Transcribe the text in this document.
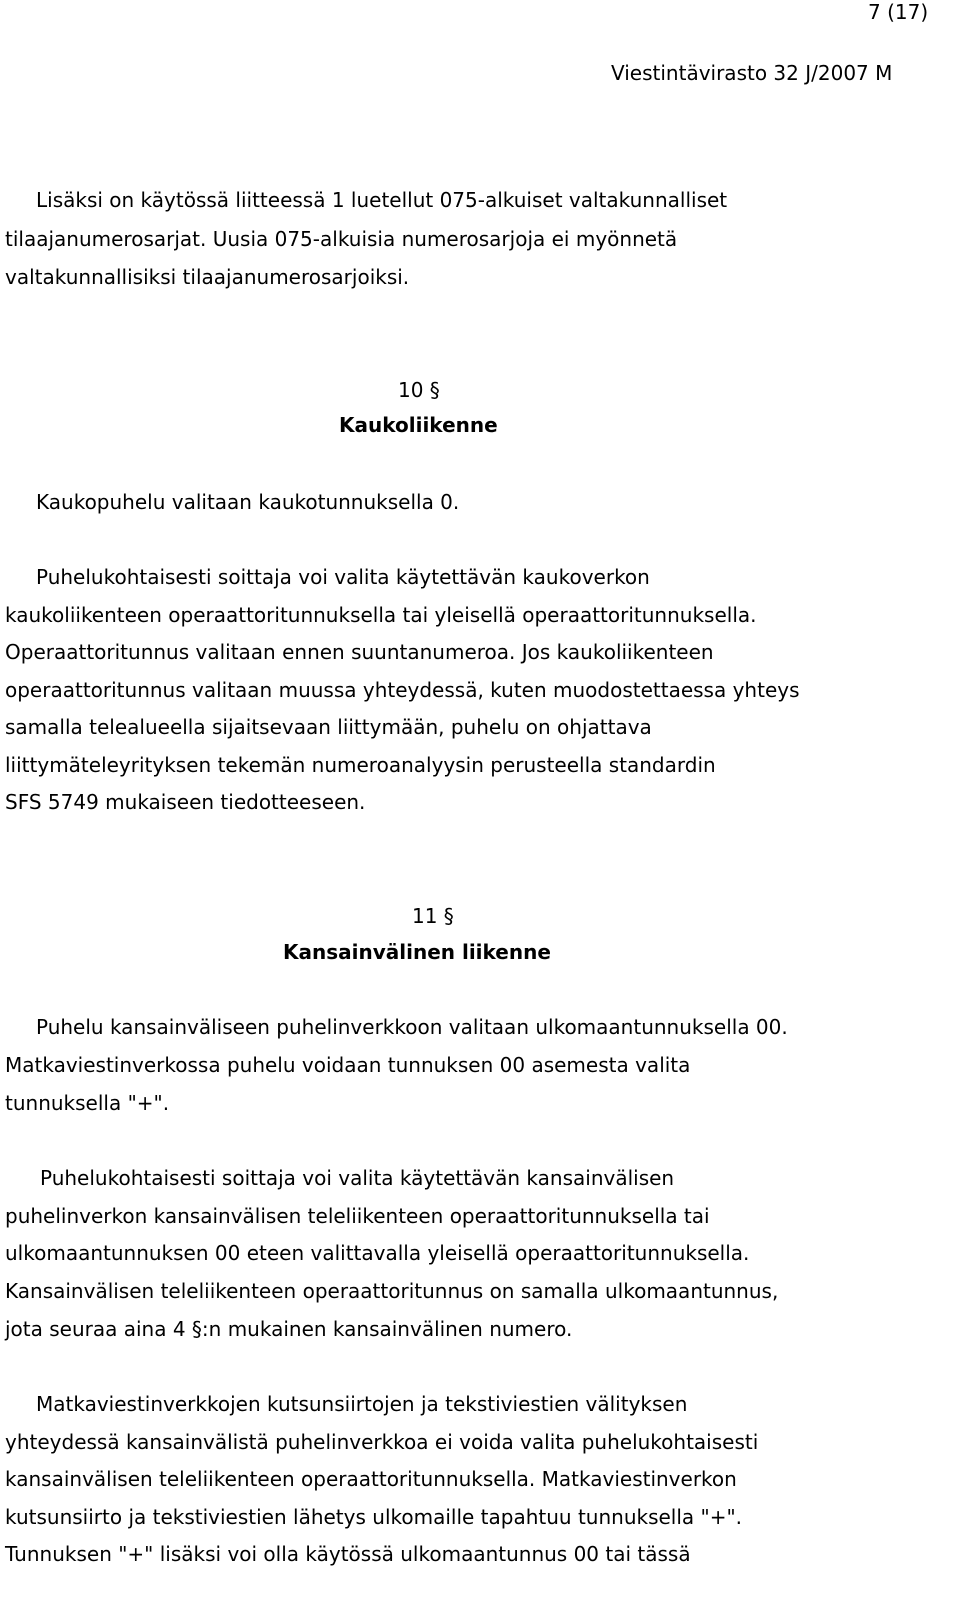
7 (17)
Viestintävirasto 32 J/2007 M
Lisäksi on käytössä liitteessä 1 luetellut 075-alkuiset valtakunnalliset
tilaajanumerosarjat. Uusia 075-alkuisia numerosarjoja ei myönnetä
valtakunnallisiksi tilaajanumerosarjoiksi.
10 §
Kaukoliikenne
Kaukopuhelu valitaan kaukotunnuksella 0.
Puhelukohtaisesti soittaja voi valita käytettävän kaukoverkon
kaukoliikenteen operaattoritunnuksella tai yleisellä operaattoritunnuksella.
Operaattoritunnus valitaan ennen suuntanumeroa. Jos kaukoliikenteen
operaattoritunnus valitaan muussa yhteydessä, kuten muodostettaessa yhteys
samalla telealueella sijaitsevaan liittymään, puhelu on ohjattava
liittymäteleyrityksen tekemän numeroanalyysin perusteella standardin
SFS 5749 mukaiseen tiedotteeseen.
11 §
Kansainvälinen liikenne
Puhelu kansainväliseen puhelinverkkoon valitaan ulkomaantunnuksella 00.
Matkaviestinverkossa puhelu voidaan tunnuksen 00 asemesta valita
tunnuksella "+".
Puhelukohtaisesti soittaja voi valita käytettävän kansainvälisen
puhelinverkon kansainvälisen teleliikenteen operaattoritunnuksella tai
ulkomaantunnuksen 00 eteen valittavalla yleisellä operaattoritunnuksella.
Kansainvälisen teleliikenteen operaattoritunnus on samalla ulkomaantunnus,
jota seuraa aina 4 §:n mukainen kansainvälinen numero.
Matkaviestinverkkojen kutsunsiirtojen ja tekstiviestien välityksen
yhteydessä kansainvälistä puhelinverkkoa ei voida valita puhelukohtaisesti
kansainvälisen teleliikenteen operaattoritunnuksella. Matkaviestinverkon
kutsunsiirto ja tekstiviestien lähetys ulkomaille tapahtuu tunnuksella "+".
Tunnuksen "+" lisäksi voi olla käytössä ulkomaantunnus 00 tai tässä
